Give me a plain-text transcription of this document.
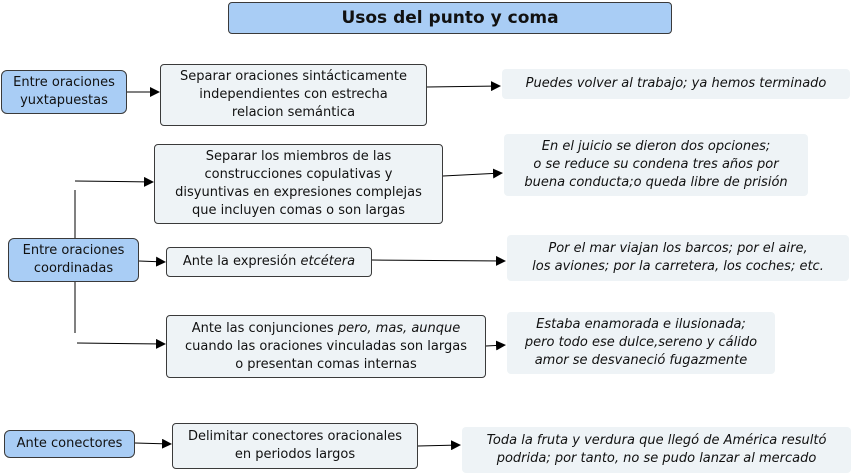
Usos del punto y coma
Entre oraciones
yuxtapuestas
Entre oraciones
coordinadas
Ante conectores
Separar oraciones sintácticamente
independientes con estrecha
relacion semántica
Separar los miembros de las
construcciones copulativas y
disyuntivas en expresiones complejas
que incluyen comas o son largas
Ante la expresión etcétera
Ante las conjunciones pero, mas, aunque
cuando las oraciones vinculadas son largas
o presentan comas internas
Delimitar conectores oracionales
en periodos largos
Puedes volver al trabajo; ya hemos terminado
En el juicio se dieron dos opciones;
o se reduce su condena tres años por
buena conducta;o queda libre de prisión
Por el mar viajan los barcos; por el aire,
los aviones; por la carretera, los coches; etc.
Estaba enamorada e ilusionada;
pero todo ese dulce,sereno y cálido
amor se desvaneció fugazmente
Toda la fruta y verdura que llegó de América resultó
podrida; por tanto, no se pudo lanzar al mercado
